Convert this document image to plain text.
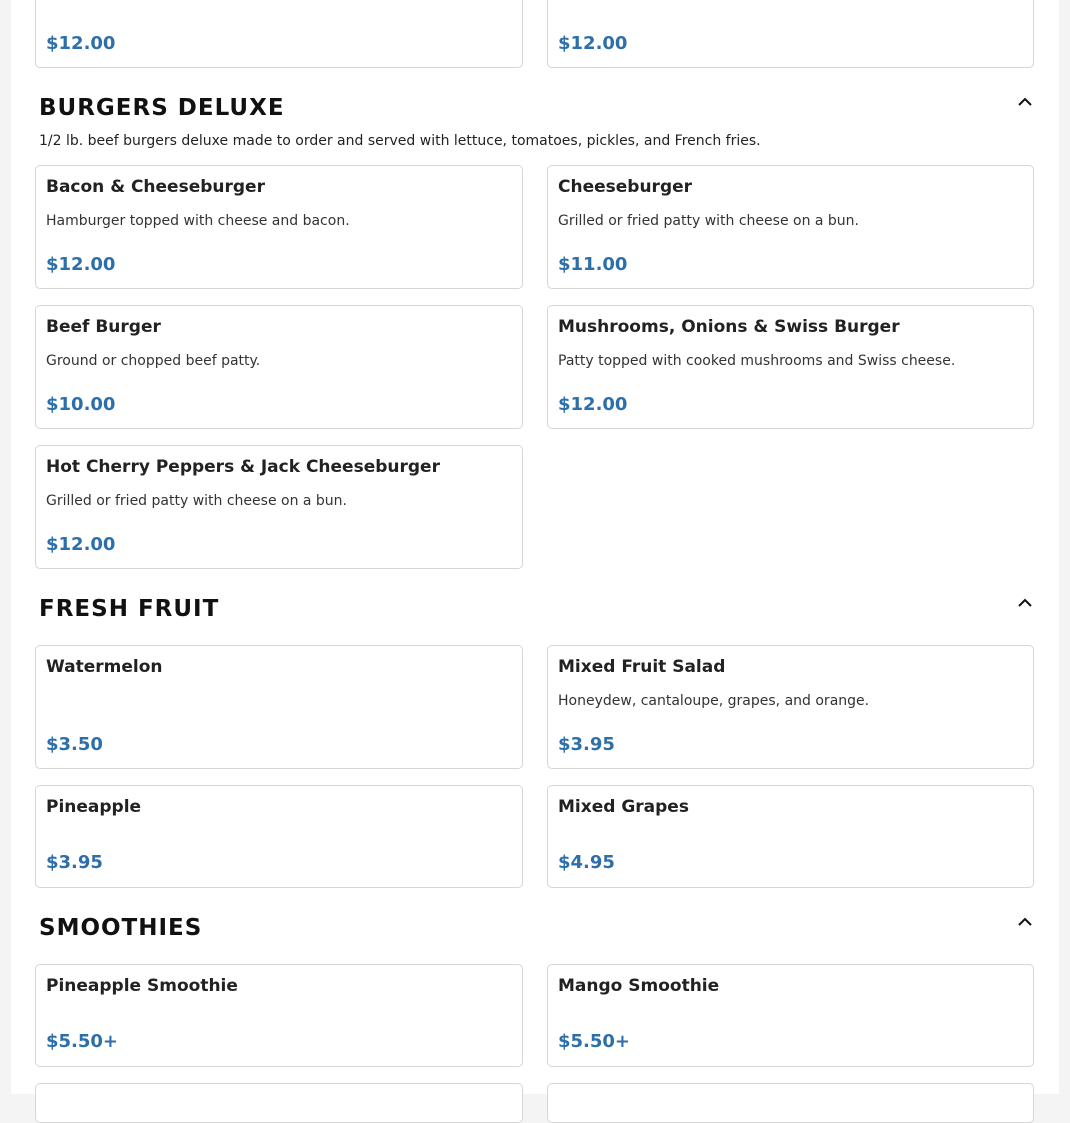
$12.00	$12.00
BURGERS DELUXE
1/2 lb. beef burgers deluxe made to order and served with lettuce, tomatoes, pickles, and French fries.
Bacon & Cheeseburger
Hamburger topped with cheese and bacon.
$12.00
Cheeseburger
Grilled or fried patty with cheese on a bun.
$11.00
Beef Burger
Ground or chopped beef patty.
$10.00
Mushrooms, Onions & Swiss Burger
Patty topped with cooked mushrooms and Swiss cheese.
$12.00
Hot Cherry Peppers & Jack Cheeseburger
Grilled or fried patty with cheese on a bun.
$12.00
FRESH FRUIT
Watermelon
$3.50
Mixed Fruit Salad
Honeydew, cantaloupe, grapes, and orange.
$3.95
Pineapple
$3.95
Mixed Grapes
$4.95
SMOOTHIES
Pineapple Smoothie
$5.50+
Mango Smoothie
$5.50+
